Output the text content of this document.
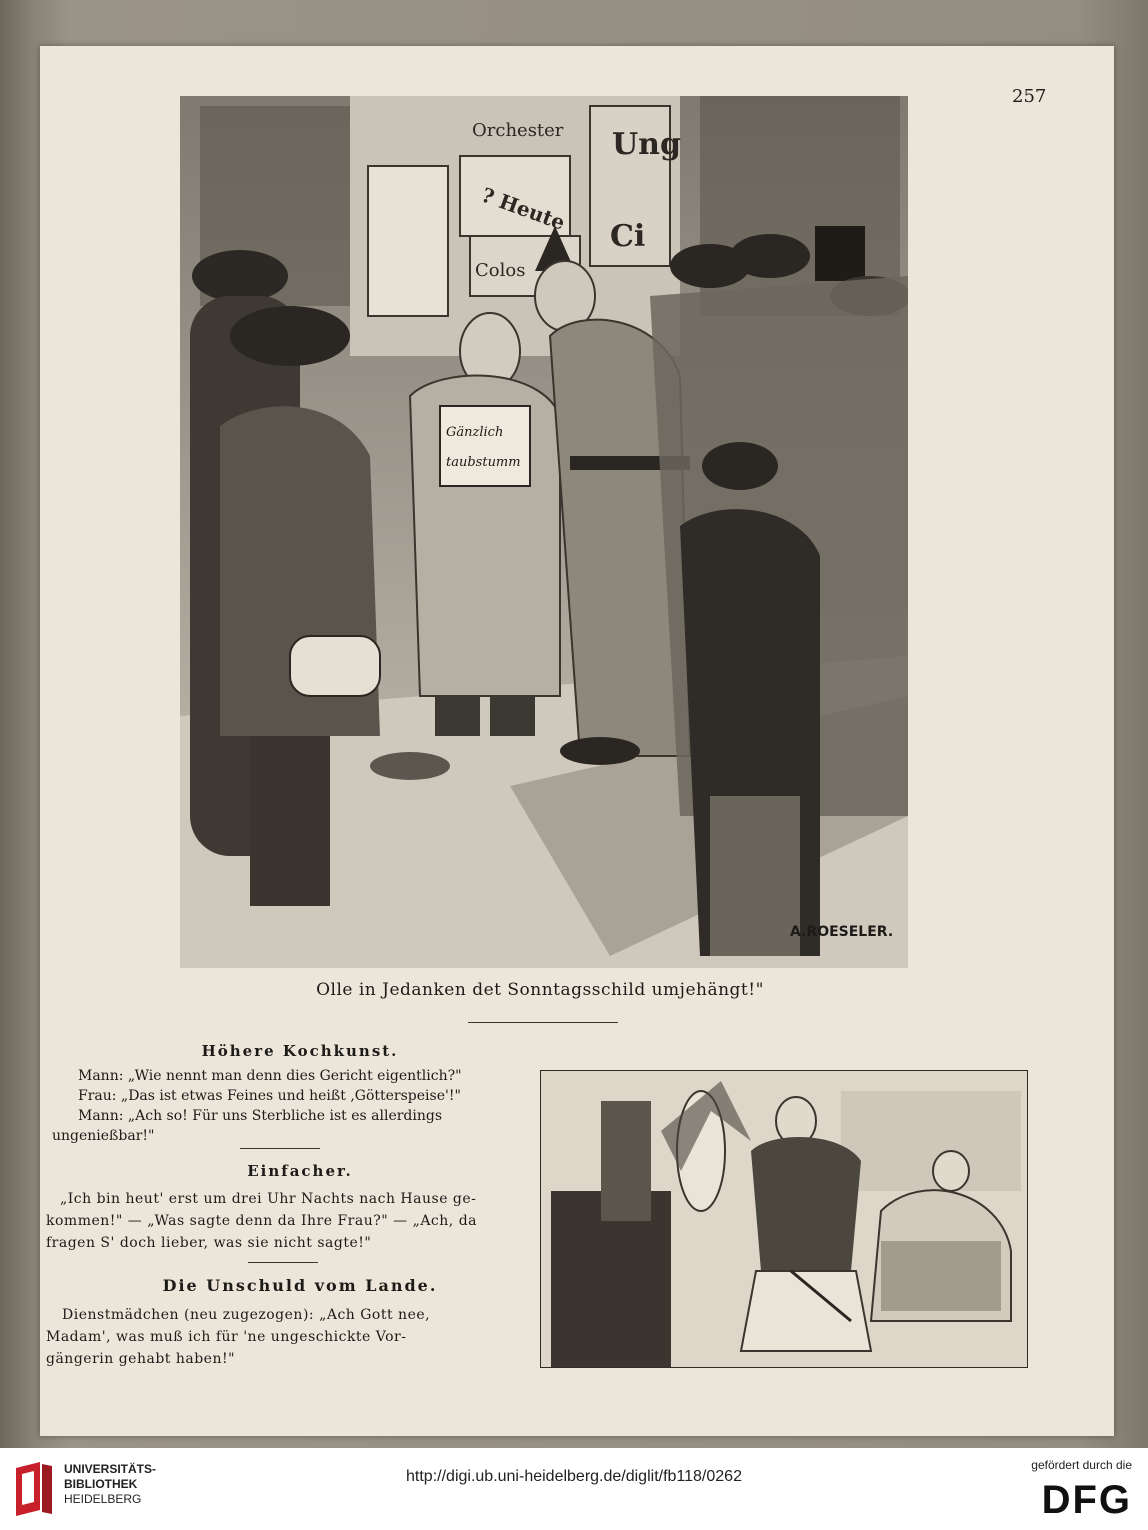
257
Orchester
? Heute
Ung
Colos
Ci
Gänzlich
taubstumm
A.ROESELER.
Olle in Jedanken det Sonntagsschild umjehängt!"
Höhere Kochkunst.
Mann: „Wie nennt man denn dies Gericht eigentlich?"
Frau: „Das ist etwas Feines und heißt ‚Götterspeise'!"
Mann: „Ach so! Für uns Sterbliche ist es allerdings
ungenießbar!"
Einfacher.
„Ich bin heut' erst um drei Uhr Nachts nach Hause ge-
kommen!" — „Was sagte denn da Ihre Frau?" — „Ach, da
fragen S' doch lieber, was sie nicht sagte!"
Die Unschuld vom Lande.
Dienstmädchen (neu zugezogen): „Ach Gott nee,
Madam', was muß ich für 'ne ungeschickte Vor-
gängerin gehabt haben!"
UNIVERSITÄTS-
BIBLIOTHEK
HEIDELBERG
http://digi.ub.uni-heidelberg.de/diglit/fb118/0262
gefördert durch die
DFG
